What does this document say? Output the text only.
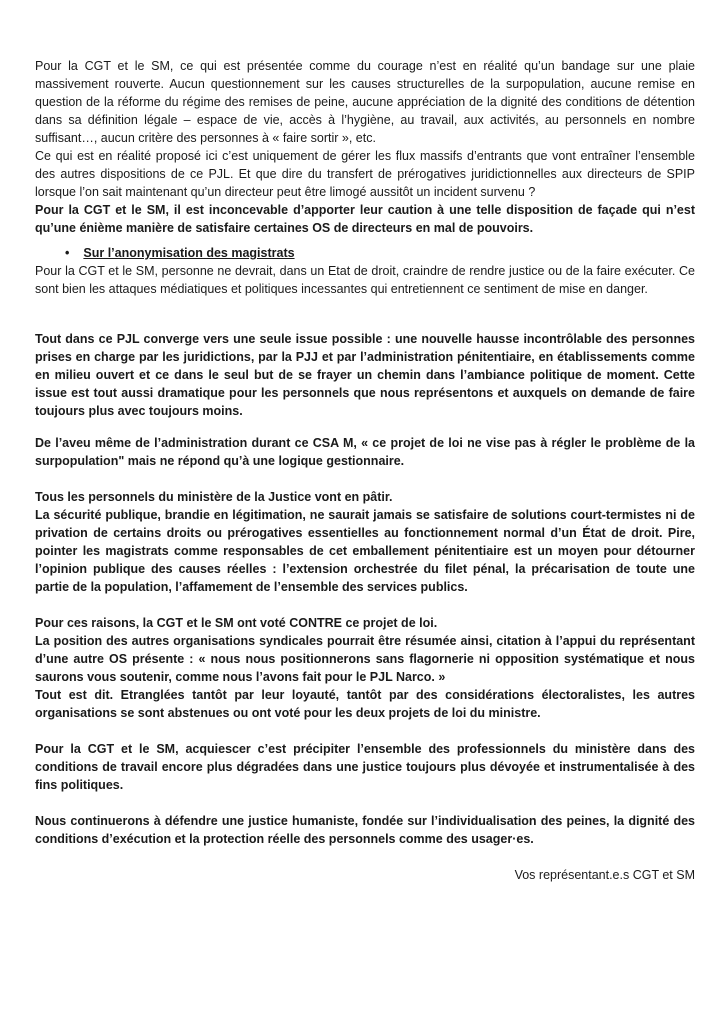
Pour la CGT et le SM, ce qui est présentée comme du courage n’est en réalité qu’un bandage sur une plaie massivement rouverte. Aucun questionnement sur les causes structurelles de la surpopulation, aucune remise en question de la réforme du régime des remises de peine, aucune appréciation de la dignité des conditions de détention dans sa définition légale – espace de vie, accès à l’hygiène, au travail, aux activités, au personnels en nombre suffisant…, aucun critère des personnes à « faire sortir », etc.

Ce qui est en réalité proposé ici c’est uniquement de gérer les flux massifs d’entrants que vont entraîner l’ensemble des autres dispositions de ce PJL. Et que dire du transfert de prérogatives juridictionnelles aux directeurs de SPIP lorsque l’on sait maintenant qu’un directeur peut être limogé aussitôt un incident survenu ?

Pour la CGT et le SM, il est inconcevable d’apporter leur caution à une telle disposition de façade qui n’est qu’une énième manière de satisfaire certaines OS de directeurs en mal de pouvoirs.

• Sur l’anonymisation des magistrats

Pour la CGT et le SM, personne ne devrait, dans un Etat de droit, craindre de rendre justice ou de la faire exécuter. Ce sont bien les attaques médiatiques et politiques incessantes qui entretiennent ce sentiment de mise en danger.

Tout dans ce PJL converge vers une seule issue possible : une nouvelle hausse incontrôlable des personnes prises en charge par les juridictions, par la PJJ et par l’administration pénitentiaire, en établissements comme en milieu ouvert et ce dans le seul but de se frayer un chemin dans l’ambiance politique de moment. Cette issue est tout aussi dramatique pour les personnels que nous représentons et auxquels on demande de faire toujours plus avec toujours moins.

De l’aveu même de l’administration durant ce CSA M, « ce projet de loi ne vise pas à régler le problème de la surpopulation" mais ne répond qu’à une logique gestionnaire.

Tous les personnels du ministère de la Justice vont en pâtir.

La sécurité publique, brandie en légitimation, ne saurait jamais se satisfaire de solutions court-termistes ni de privation de certains droits ou prérogatives essentielles au fonctionnement normal d’un État de droit. Pire, pointer les magistrats comme responsables de cet emballement pénitentiaire est un moyen pour détourner l’opinion publique des causes réelles : l’extension orchestrée du filet pénal, la précarisation de toute une partie de la population, l’affamement de l’ensemble des services publics.

Pour ces raisons, la CGT et le SM ont voté CONTRE ce projet de loi.

La position des autres organisations syndicales pourrait être résumée ainsi, citation à l’appui du représentant d’une autre OS présente : « nous nous positionnerons sans flagornerie ni opposition systématique et nous saurons vous soutenir, comme nous l’avons fait pour le PJL Narco. »

Tout est dit. Etranglées tantôt par leur loyauté, tantôt par des considérations électoralistes, les autres organisations se sont abstenues ou ont voté pour les deux projets de loi du ministre.

Pour la CGT et le SM, acquiescer c’est précipiter l’ensemble des professionnels du ministère dans des conditions de travail encore plus dégradées dans une justice toujours plus dévoyée et instrumentalisée à des fins politiques.

Nous continuerons à défendre une justice humaniste, fondée sur l’individualisation des peines, la dignité des conditions d’exécution et la protection réelle des personnels comme des usager·es.

Vos représentant.e.s CGT et SM
